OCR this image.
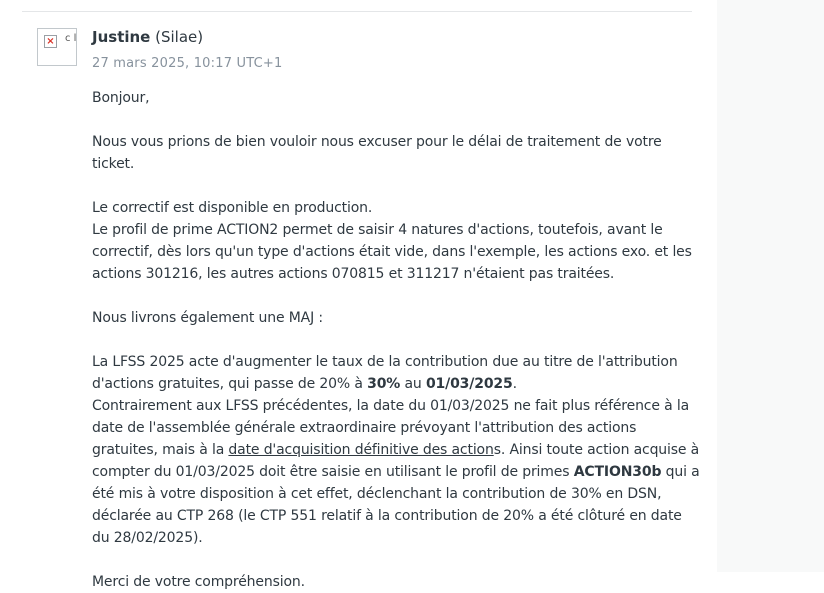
× c l Justine (Silae)
27 mars 2025, 10:17 UTC+1

Bonjour,

Nous vous prions de bien vouloir nous excuser pour le délai de traitement de votre ticket.

Le correctif est disponible en production.

Le profil de prime ACTION2 permet de saisir 4 natures d'actions, toutefois, avant le correctif, dès lors qu'un type d'actions était vide, dans l'exemple, les actions exo. et les actions 301216, les autres actions 070815 et 311217 n'étaient pas traitées.

Nous livrons également une MAJ :

La LFSS 2025 acte d'augmenter le taux de la contribution due au titre de l'attribution d'actions gratuites, qui passe de 20% à 30% au 01/03/2025.

Contrairement aux LFSS précédentes, la date du 01/03/2025 ne fait plus référence à la date de l'assemblée générale extraordinaire prévoyant l'attribution des actions gratuites, mais à la date d'acquisition définitive des actions. Ainsi toute action acquise à compter du 01/03/2025 doit être saisie en utilisant le profil de primes ACTION30b qui a été mis à votre disposition à cet effet, déclenchant la contribution de 30% en DSN, déclarée au CTP 268 (le CTP 551 relatif à la contribution de 20% a été clôturé en date du 28/02/2025).

Merci de votre compréhension.
